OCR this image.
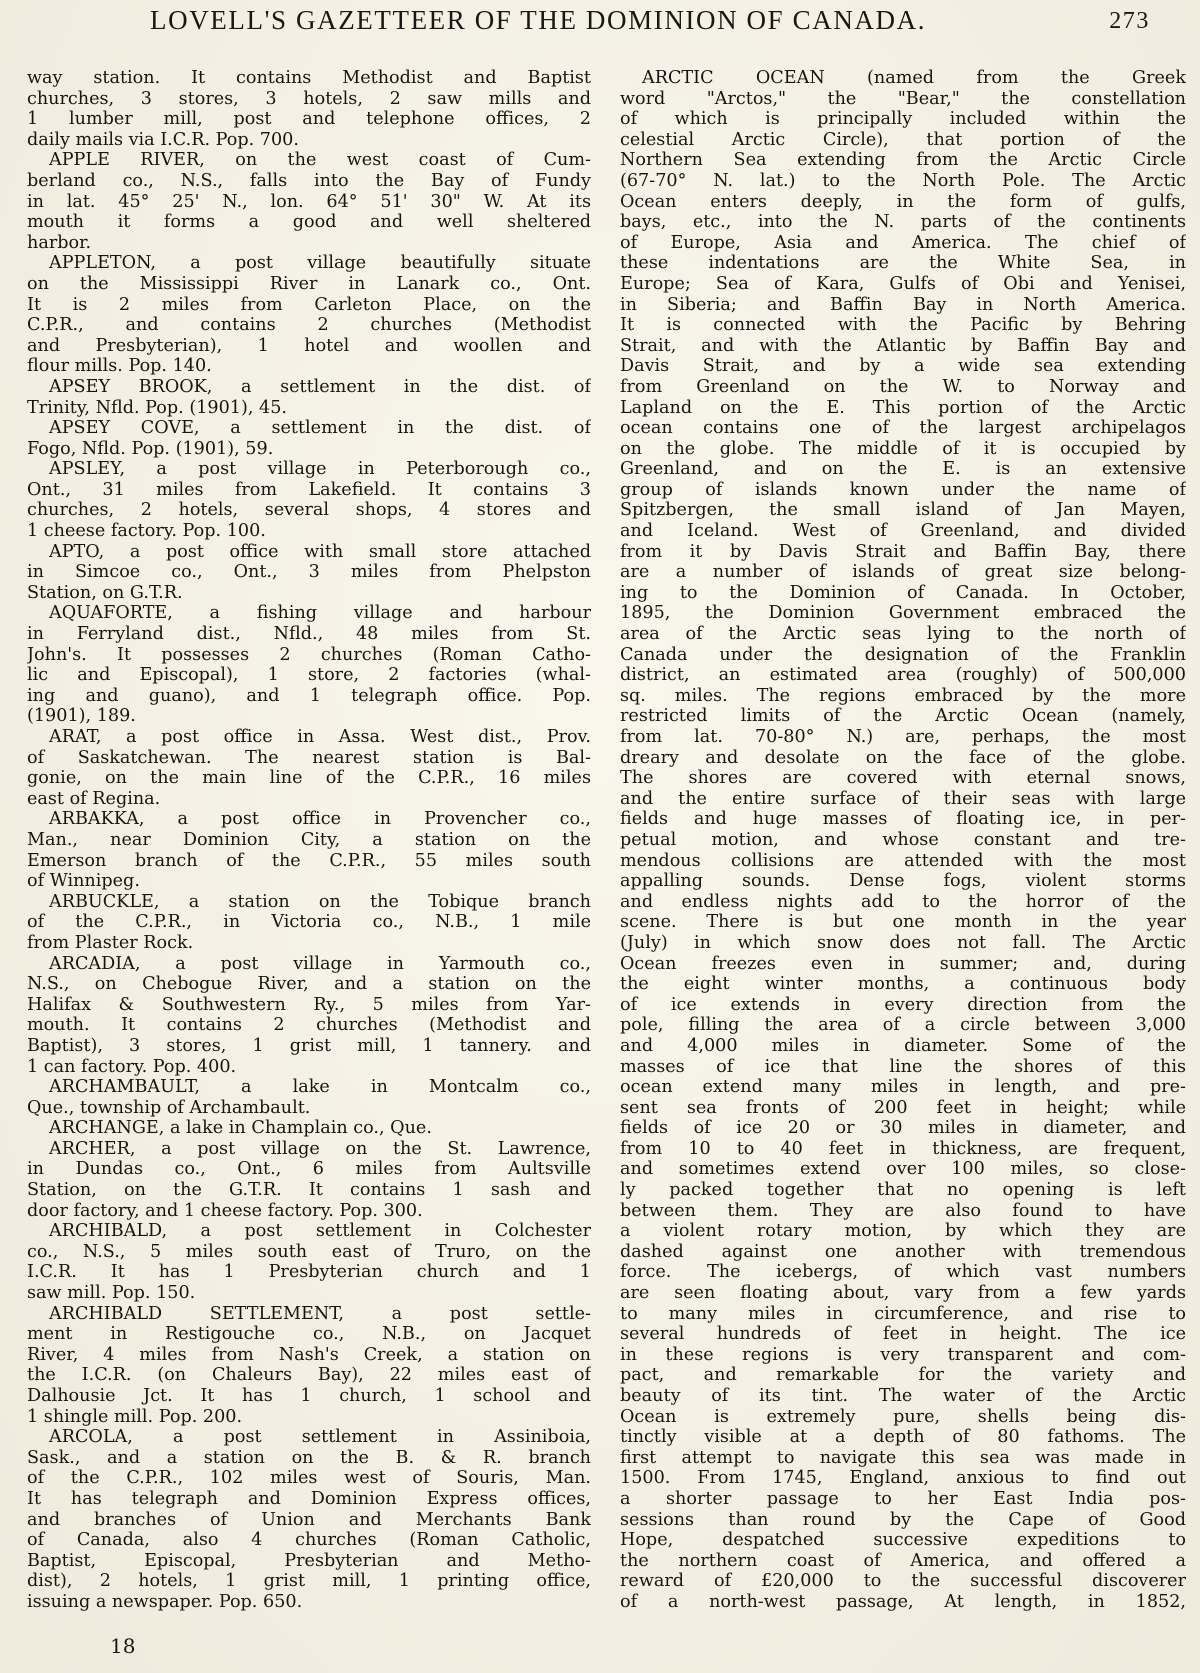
LOVELL'S GAZETTEER OF THE DOMINION OF CANADA.	273
way station. It contains Methodist and Baptist
churches, 3 stores, 3 hotels, 2 saw mills and
1 lumber mill, post and telephone offices, 2
daily mails via I.C.R. Pop. 700.
APPLE RIVER, on the west coast of Cum-
berland co., N.S., falls into the Bay of Fundy
in lat. 45° 25' N., lon. 64° 51' 30" W. At its
mouth it forms a good and well sheltered
harbor.
APPLETON, a post village beautifully situate
on the Mississippi River in Lanark co., Ont.
It is 2 miles from Carleton Place, on the
C.P.R., and contains 2 churches (Methodist
and Presbyterian), 1 hotel and woollen and
flour mills. Pop. 140.
APSEY BROOK, a settlement in the dist. of
Trinity, Nfld. Pop. (1901), 45.
APSEY COVE, a settlement in the dist. of
Fogo, Nfld. Pop. (1901), 59.
APSLEY, a post village in Peterborough co.,
Ont., 31 miles from Lakefield. It contains 3
churches, 2 hotels, several shops, 4 stores and
1 cheese factory. Pop. 100.
APTO, a post office with small store attached
in Simcoe co., Ont., 3 miles from Phelpston
Station, on G.T.R.
AQUAFORTE, a fishing village and harbour
in Ferryland dist., Nfld., 48 miles from St.
John's. It possesses 2 churches (Roman Catho-
lic and Episcopal), 1 store, 2 factories (whal-
ing and guano), and 1 telegraph office. Pop.
(1901), 189.
ARAT, a post office in Assa. West dist., Prov.
of Saskatchewan. The nearest station is Bal-
gonie, on the main line of the C.P.R., 16 miles
east of Regina.
ARBAKKA, a post office in Provencher co.,
Man., near Dominion City, a station on the
Emerson branch of the C.P.R., 55 miles south
of Winnipeg.
ARBUCKLE, a station on the Tobique branch
of the C.P.R., in Victoria co., N.B., 1 mile
from Plaster Rock.
ARCADIA, a post village in Yarmouth co.,
N.S., on Chebogue River, and a station on the
Halifax & Southwestern Ry., 5 miles from Yar-
mouth. It contains 2 churches (Methodist and
Baptist), 3 stores, 1 grist mill, 1 tannery. and
1 can factory. Pop. 400.
ARCHAMBAULT, a lake in Montcalm co.,
Que., township of Archambault.
ARCHANGE, a lake in Champlain co., Que.
ARCHER, a post village on the St. Lawrence,
in Dundas co., Ont., 6 miles from Aultsville
Station, on the G.T.R. It contains 1 sash and
door factory, and 1 cheese factory. Pop. 300.
ARCHIBALD, a post settlement in Colchester
co., N.S., 5 miles south east of Truro, on the
I.C.R. It has 1 Presbyterian church and 1
saw mill. Pop. 150.
ARCHIBALD SETTLEMENT, a post settle-
ment in Restigouche co., N.B., on Jacquet
River, 4 miles from Nash's Creek, a station on
the I.C.R. (on Chaleurs Bay), 22 miles east of
Dalhousie Jct. It has 1 church, 1 school and
1 shingle mill. Pop. 200.
ARCOLA, a post settlement in Assiniboia,
Sask., and a station on the B. & R. branch
of the C.P.R., 102 miles west of Souris, Man.
It has telegraph and Dominion Express offices,
and branches of Union and Merchants Bank
of Canada, also 4 churches (Roman Catholic,
Baptist, Episcopal, Presbyterian and Metho-
dist), 2 hotels, 1 grist mill, 1 printing office,
issuing a newspaper. Pop. 650.
ARCTIC OCEAN (named from the Greek
word "Arctos," the "Bear," the constellation
of which is principally included within the
celestial Arctic Circle), that portion of the
Northern Sea extending from the Arctic Circle
(67-70° N. lat.) to the North Pole. The Arctic
Ocean enters deeply, in the form of gulfs,
bays, etc., into the N. parts of the continents
of Europe, Asia and America. The chief of
these indentations are the White Sea, in
Europe; Sea of Kara, Gulfs of Obi and Yenisei,
in Siberia; and Baffin Bay in North America.
It is connected with the Pacific by Behring
Strait, and with the Atlantic by Baffin Bay and
Davis Strait, and by a wide sea extending
from Greenland on the W. to Norway and
Lapland on the E. This portion of the Arctic
ocean contains one of the largest archipelagos
on the globe. The middle of it is occupied by
Greenland, and on the E. is an extensive
group of islands known under the name of
Spitzbergen, the small island of Jan Mayen,
and Iceland. West of Greenland, and divided
from it by Davis Strait and Baffin Bay, there
are a number of islands of great size belong-
ing to the Dominion of Canada. In October,
1895, the Dominion Government embraced the
area of the Arctic seas lying to the north of
Canada under the designation of the Franklin
district, an estimated area (roughly) of 500,000
sq. miles. The regions embraced by the more
restricted limits of the Arctic Ocean (namely,
from lat. 70-80° N.) are, perhaps, the most
dreary and desolate on the face of the globe.
The shores are covered with eternal snows,
and the entire surface of their seas with large
fields and huge masses of floating ice, in per-
petual motion, and whose constant and tre-
mendous collisions are attended with the most
appalling sounds. Dense fogs, violent storms
and endless nights add to the horror of the
scene. There is but one month in the year
(July) in which snow does not fall. The Arctic
Ocean freezes even in summer; and, during
the eight winter months, a continuous body
of ice extends in every direction from the
pole, filling the area of a circle between 3,000
and 4,000 miles in diameter. Some of the
masses of ice that line the shores of this
ocean extend many miles in length, and pre-
sent sea fronts of 200 feet in height; while
fields of ice 20 or 30 miles in diameter, and
from 10 to 40 feet in thickness, are frequent,
and sometimes extend over 100 miles, so close-
ly packed together that no opening is left
between them. They are also found to have
a violent rotary motion, by which they are
dashed against one another with tremendous
force. The icebergs, of which vast numbers
are seen floating about, vary from a few yards
to many miles in circumference, and rise to
several hundreds of feet in height. The ice
in these regions is very transparent and com-
pact, and remarkable for the variety and
beauty of its tint. The water of the Arctic
Ocean is extremely pure, shells being dis-
tinctly visible at a depth of 80 fathoms. The
first attempt to navigate this sea was made in
1500. From 1745, England, anxious to find out
a shorter passage to her East India pos-
sessions than round by the Cape of Good
Hope, despatched successive expeditions to
the northern coast of America, and offered a
reward of £20,000 to the successful discoverer
of a north-west passage, At length, in 1852,
18
